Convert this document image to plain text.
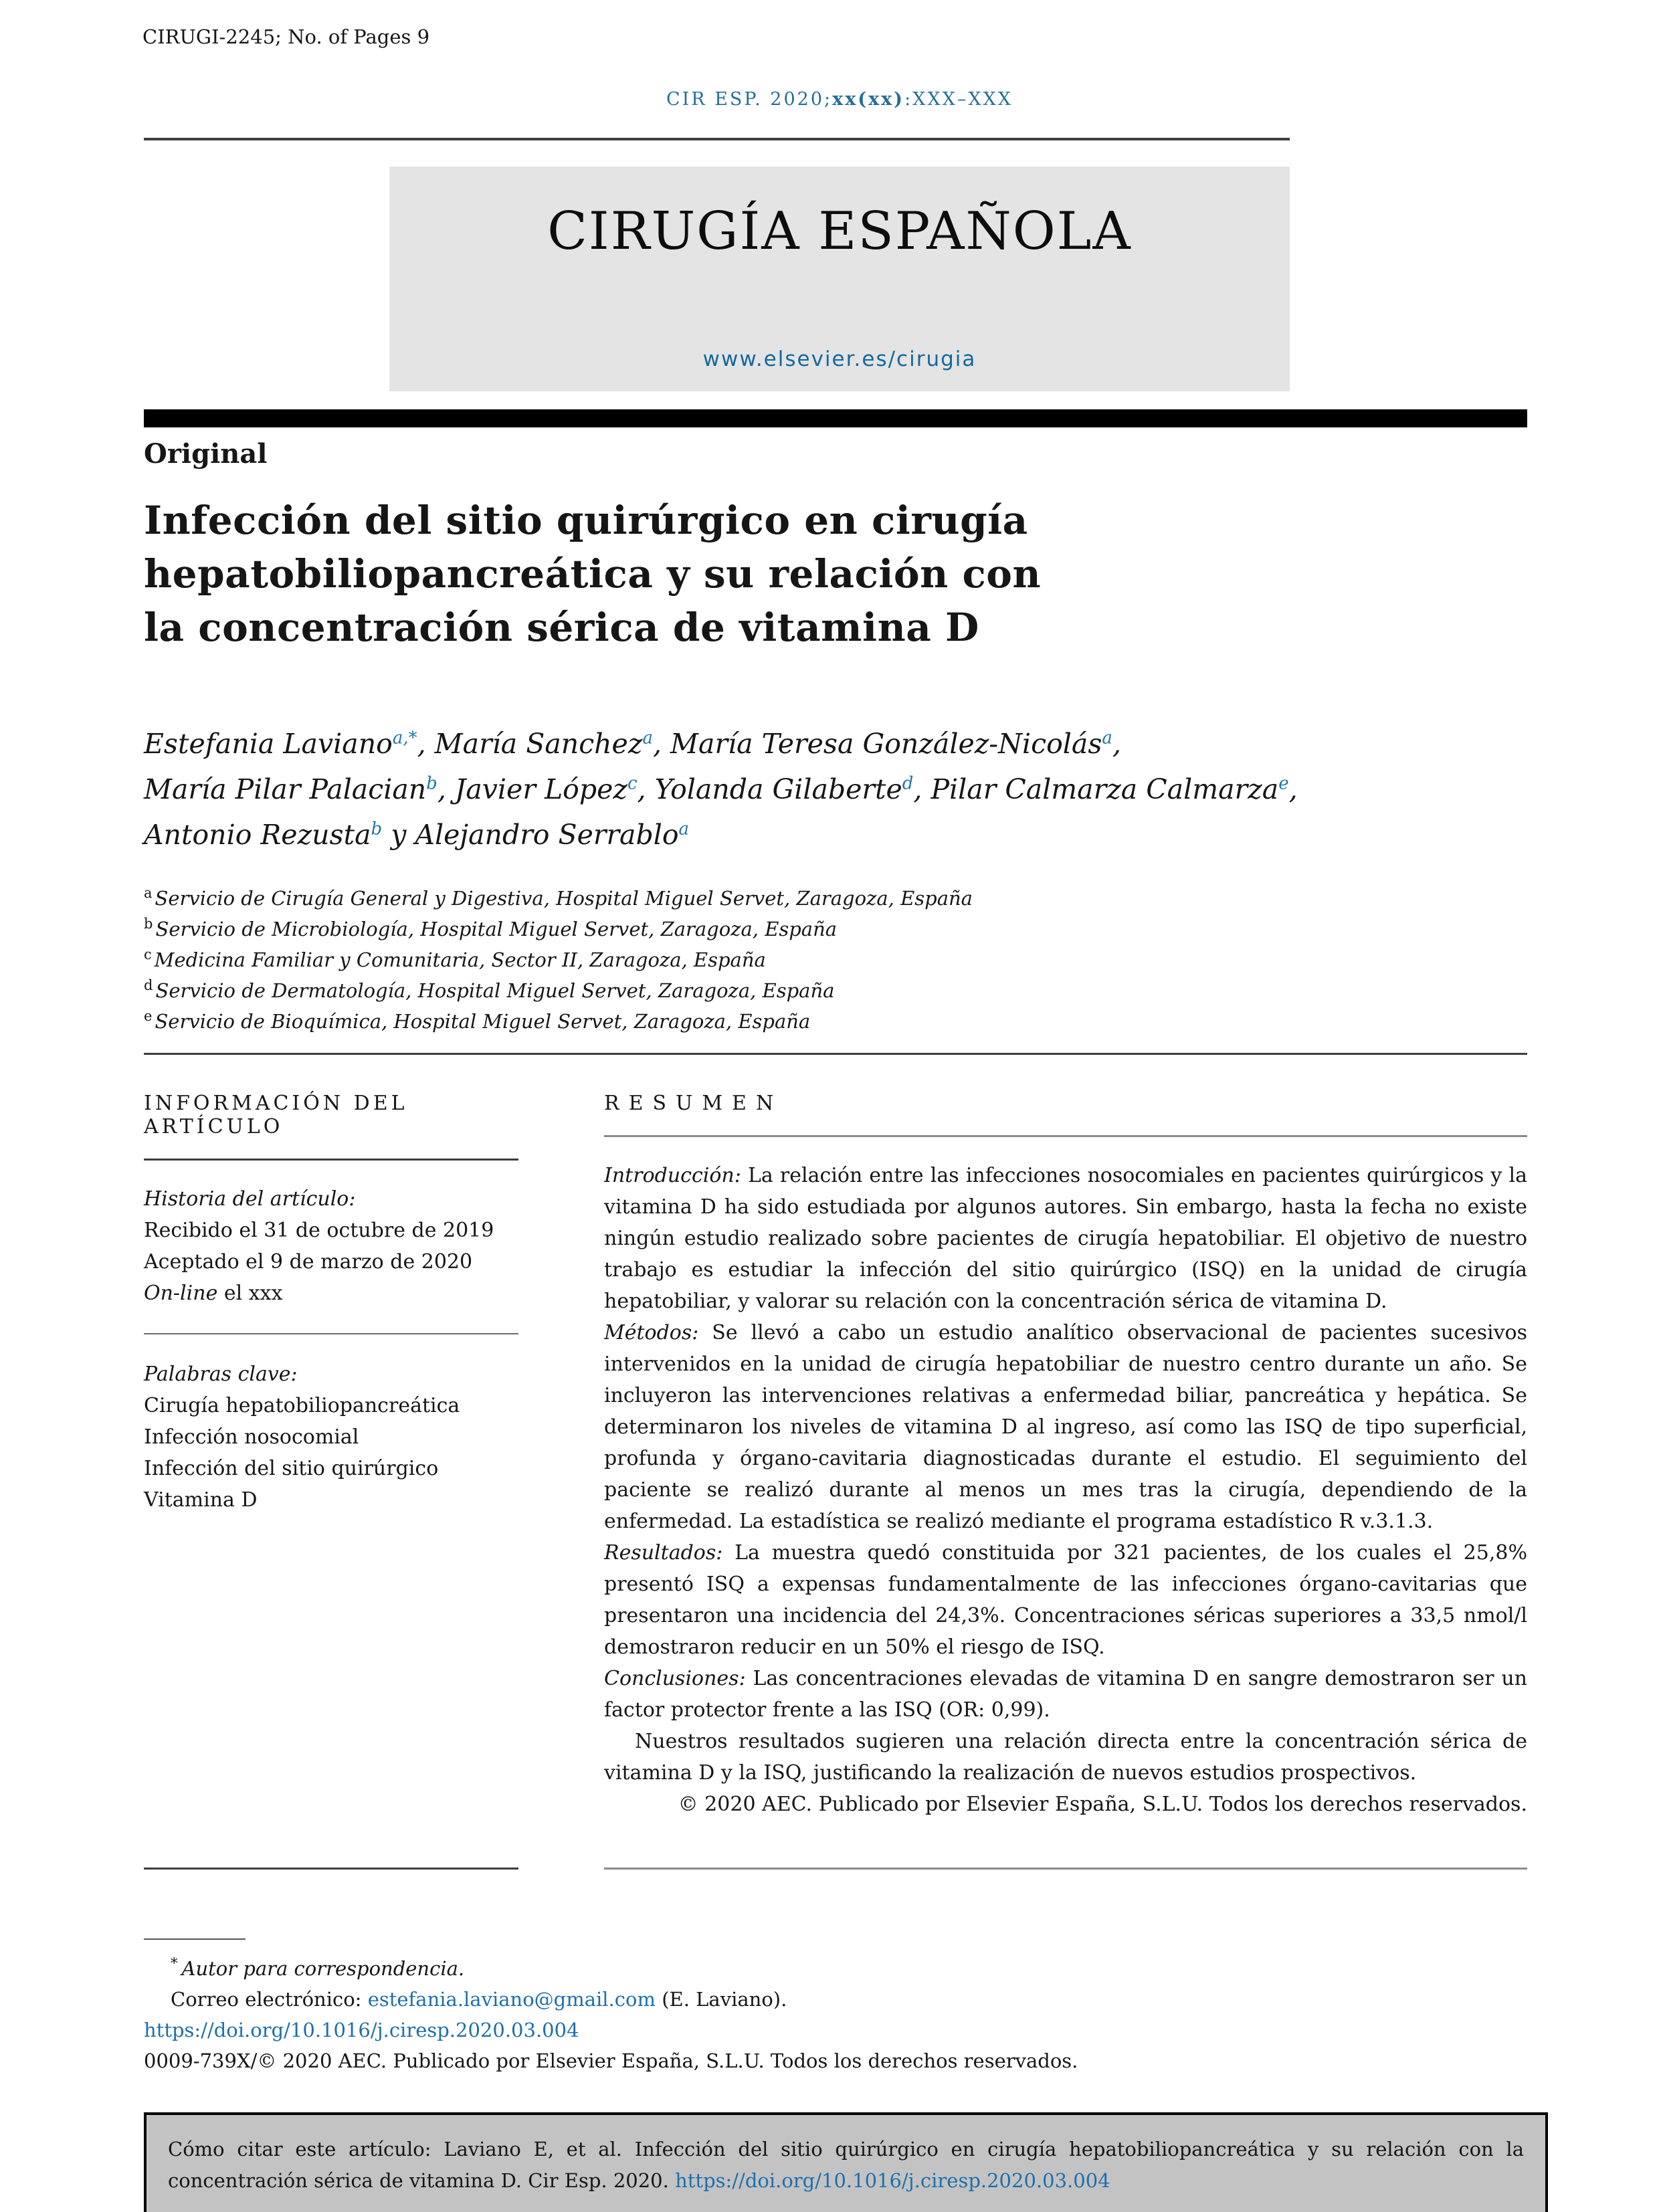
CIRUGI-2245; No. of Pages 9
CIR ESP. 2020;xx(xx):XXX–XXX
CIRUGÍA ESPAÑOLA
www.elsevier.es/cirugia
Original
Infección del sitio quirúrgico en cirugía
hepatobiliopancreática y su relación con
la concentración sérica de vitamina D
Estefania Laviano$^{a,*}$, María Sanchez$^a$, María Teresa González-Nicolás$^a$,
María Pilar Palacian$^b$, Javier López$^c$, Yolanda Gilaberte$^d$, Pilar Calmarza Calmarza$^e$,
Antonio Rezusta$^b$ y Alejandro Serrablo$^a$
$^a$ Servicio de Cirugía General y Digestiva, Hospital Miguel Servet, Zaragoza, España
$^b$ Servicio de Microbiología, Hospital Miguel Servet, Zaragoza, España
$^c$ Medicina Familiar y Comunitaria, Sector II, Zaragoza, España
$^d$ Servicio de Dermatología, Hospital Miguel Servet, Zaragoza, España
$^e$ Servicio de Bioquímica, Hospital Miguel Servet, Zaragoza, España
INFORMACIÓN DEL ARTÍCULO
Historia del artículo:
Recibido el 31 de octubre de 2019
Aceptado el 9 de marzo de 2020
On-line el xxx
Palabras clave:
Cirugía hepatobiliopancreática
Infección nosocomial
Infección del sitio quirúrgico
Vitamina D
RESUMEN

Introducción: La relación entre las infecciones nosocomiales en pacientes quirúrgicos y la vitamina D ha sido estudiada por algunos autores. Sin embargo, hasta la fecha no existe ningún estudio realizado sobre pacientes de cirugía hepatobiliar. El objetivo de nuestro trabajo es estudiar la infección del sitio quirúrgico (ISQ) en la unidad de cirugía hepatobiliar, y valorar su relación con la concentración sérica de vitamina D.

Métodos: Se llevó a cabo un estudio analítico observacional de pacientes sucesivos intervenidos en la unidad de cirugía hepatobiliar de nuestro centro durante un año. Se incluyeron las intervenciones relativas a enfermedad biliar, pancreática y hepática. Se determinaron los niveles de vitamina D al ingreso, así como las ISQ de tipo superficial, profunda y órgano-cavitaria diagnosticadas durante el estudio. El seguimiento del paciente se realizó durante al menos un mes tras la cirugía, dependiendo de la enfermedad. La estadística se realizó mediante el programa estadístico R v.3.1.3.

Resultados: La muestra quedó constituida por 321 pacientes, de los cuales el 25,8% presentó ISQ a expensas fundamentalmente de las infecciones órgano-cavitarias que presentaron una incidencia del 24,3%. Concentraciones séricas superiores a 33,5 nmol/l demostraron reducir en un 50% el riesgo de ISQ.

Conclusiones: Las concentraciones elevadas de vitamina D en sangre demostraron ser un factor protector frente a las ISQ (OR: 0,99).

Nuestros resultados sugieren una relación directa entre la concentración sérica de vitamina D y la ISQ, justificando la realización de nuevos estudios prospectivos.

© 2020 AEC. Publicado por Elsevier España, S.L.U. Todos los derechos reservados.

* Autor para correspondencia.
Correo electrónico: estefania.laviano@gmail.com (E. Laviano).
https://doi.org/10.1016/j.ciresp.2020.03.004
0009-739X/© 2020 AEC. Publicado por Elsevier España, S.L.U. Todos los derechos reservados.
Cómo citar este artículo: Laviano E, et al. Infección del sitio quirúrgico en cirugía hepatobiliopancreática y su relación con la concentración sérica de vitamina D. Cir Esp. 2020. https://doi.org/10.1016/j.ciresp.2020.03.004
